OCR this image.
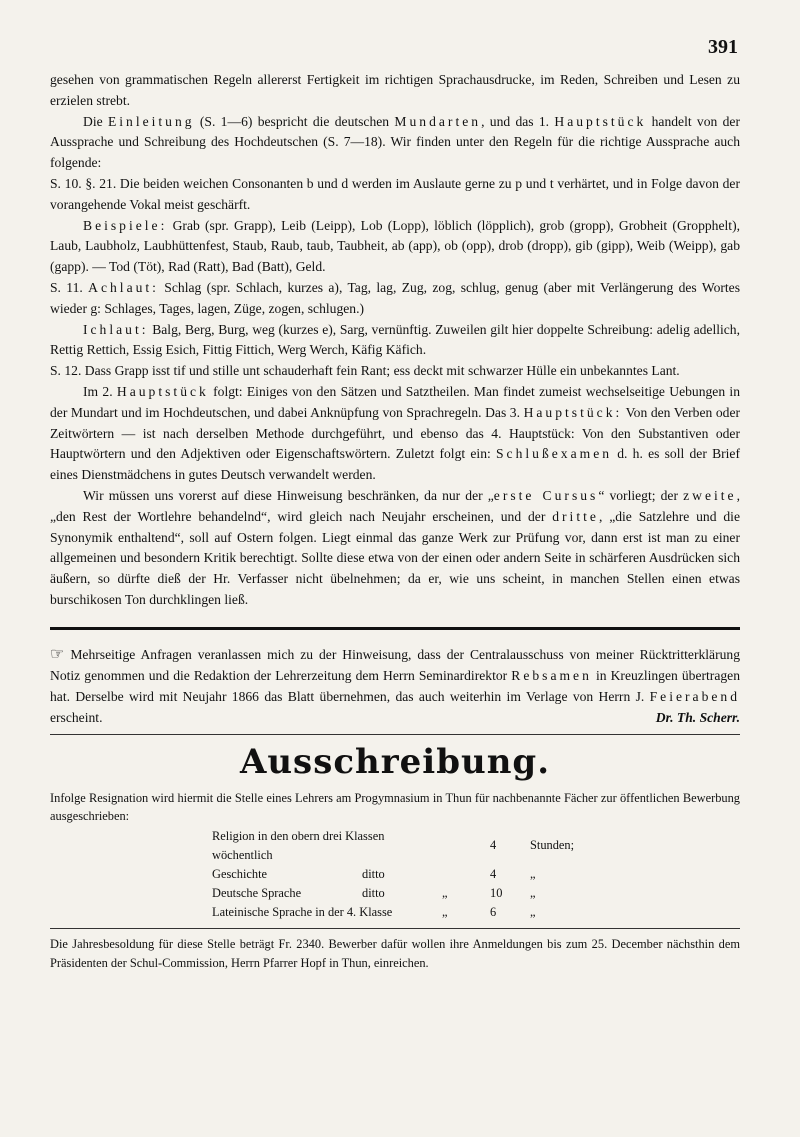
391

gesehen von grammatischen Regeln allererst Fertigkeit im richtigen Sprachausdrucke, im Reden, Schreiben und Lesen zu erzielen strebt.

Die Einleitung (S. 1—6) bespricht die deutschen Mundarten, und das 1. Hauptstück handelt von der Aussprache und Schreibung des Hochdeutschen (S. 7—18). Wir finden unter den Regeln für die richtige Aussprache auch folgende:

S. 10. §. 21. Die beiden weichen Consonanten b und d werden im Auslaute gerne zu p und t verhärtet, und in Folge davon der vorangehende Vokal meist geschärft.

Beispiele: Grab (spr. Grapp), Leib (Leipp), Lob (Lopp), löblich (löpplich), grob (gropp), Grobheit (Gropphelt), Laub, Laubholz, Laubhüttenfest, Staub, Raub, taub, Taubheit, ab (app), ob (opp), drob (dropp), gib (gipp), Weib (Weipp), gab (gapp). — Tod (Töt), Rad (Ratt), Bad (Batt), Geld.

S. 11. Achlaut: Schlag (spr. Schlach, kurzes a), Tag, lag, Zug, zog, schlug, genug (aber mit Verlängerung des Wortes wieder g: Schlages, Tages, lagen, Züge, zogen, schlugen.)

Ichlaut: Balg, Berg, Burg, weg (kurzes e), Sarg, vernünftig. Zuweilen gilt hier doppelte Schreibung: adelig adellich, Rettig Rettich, Essig Esich, Fittig Fittich, Werg Werch, Käfig Käfich.

S. 12. Dass Grapp isst tif und stille unt schauderhaft fein Rant; ess deckt mit schwarzer Hülle ein unbekanntes Lant.

Im 2. Hauptstück folgt: Einiges von den Sätzen und Satztheilen. Man findet zumeist wechselseitige Uebungen in der Mundart und im Hochdeutschen, und dabei Anknüpfung von Sprachregeln. Das 3. Hauptstück: Von den Verben oder Zeitwörtern — ist nach derselben Methode durchgeführt, und ebenso das 4. Hauptstück: Von den Substantiven oder Hauptwörtern und den Adjektiven oder Eigenschaftswörtern. Zuletzt folgt ein: Schlußexamen d. h. es soll der Brief eines Dienstmädchens in gutes Deutsch verwandelt werden.

Wir müssen uns vorerst auf diese Hinweisung beschränken, da nur der „erste Cursus“ vorliegt; der zweite, „den Rest der Wortlehre behandelnd“, wird gleich nach Neujahr erscheinen, und der dritte, „die Satzlehre und die Synonymik enthaltend“, soll auf Ostern folgen. Liegt einmal das ganze Werk zur Prüfung vor, dann erst ist man zu einer allgemeinen und besondern Kritik berechtigt. Sollte diese etwa von der einen oder andern Seite in schärferen Ausdrücken sich äußern, so dürfte dieß der Hr. Verfasser nicht übelnehmen; da er, wie uns scheint, in manchen Stellen einen etwas burschikosen Ton durchklingen ließ.

☞ Mehrseitige Anfragen veranlassen mich zu der Hinweisung, dass der Centralausschuss von meiner Rücktritterklärung Notiz genommen und die Redaktion der Lehrerzeitung dem Herrn Seminardirektor Rebsamen in Kreuzlingen übertragen hat. Derselbe wird mit Neujahr 1866 das Blatt übernehmen, das auch weiterhin im Verlage von Herrn J. Feierabend erscheint.	Dr. Th. Scherr.
Ausschreibung.
Infolge Resignation wird hiermit die Stelle eines Lehrers am Progymnasium in Thun für nachbenannte Fächer zur öffentlichen Bewerbung ausgeschrieben:
Religion in den obern drei Klassen wöchentlich			4	Stunden;
Geschichte	ditto		4	„
Deutsche Sprache	ditto	„	10	„
Lateinische Sprache in der 4. Klasse		„	6	„
Die Jahresbesoldung für diese Stelle beträgt Fr. 2340. Bewerber dafür wollen ihre Anmeldungen bis zum 25. December nächsthin dem Präsidenten der Schul-Commission, Herrn Pfarrer Hopf in Thun, einreichen.
